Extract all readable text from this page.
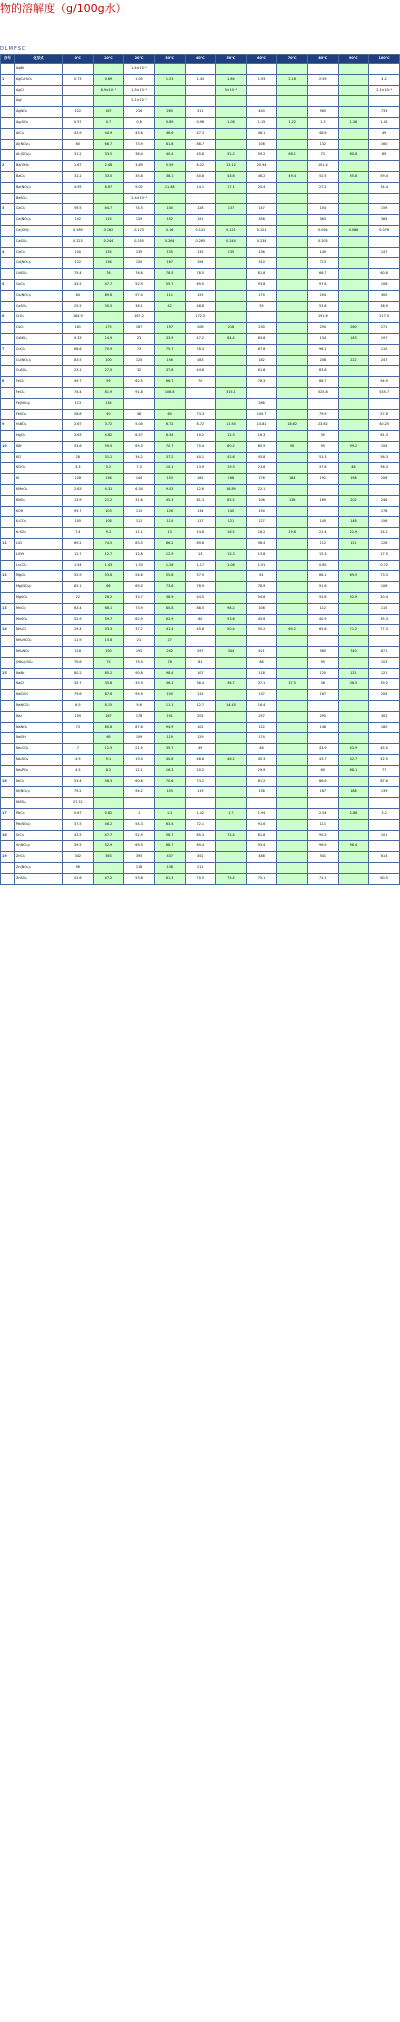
物的溶解度（g/100g水）
DLMFSC
序号	化学式	0℃	10℃	20℃	30℃	40℃	50℃	60℃	70℃	80℃	90℃	100℃
	AgBr			1.4×10⁻⁵								
1	AgC₂H₃O₂	0.73	0.89	1.05	1.23	1.43	1.64	1.93	2.18	2.59		4.2
	AgCl		8.9×10⁻⁵	1.5×10⁻⁴			5×10⁻⁴					2.1×10⁻³
	AgI			2.1×10⁻⁷								
	AgNO₃	122	167	216	265	311		440		585		733
	Ag₂SO₄	0.57	0.7	0.8	0.89	0.98	1.08	1.15	1.22	1.3	1.36	1.41
	AlCl₃	43.9	44.9	45.8	46.6	47.3		48.1		48.6		49
	Al(NO₃)₃	60	66.7	73.9	81.8	88.7		106		132		160
	Al₂(SO₄)₃	31.2	33.5	36.4	40.4	45.8	52.2	59.2	66.1	73	80.8	89
2	Ba(OH)₂	1.67	2.48	3.89	5.59	8.22	13.12	20.94		101.4		
	BaCl₂	31.2	33.5	35.8	38.1	40.8	43.6	46.2	49.4	52.5	55.8	59.4
	Ba(NO₃)₂	4.95	6.67	9.02	11.48	14.1	17.1	20.4		27.2		34.4
	BaSO₄			2.4×10⁻⁴								
3	CaCl₂	59.5	64.7	74.5	100	128	137	147		154		159
	Ca(NO₃)₂	102	115	129	152	191		358		363		364
	Ca(OH)₂	0.189	0.182	0.173	0.16	0.141	0.121	0.121		0.094	0.086	0.076
	CaSO₄	0.223	0.244	0.255	0.264	0.265	0.244	0.234		0.205		
4	CdCl₂	100	135	135	135	135	135	136		140		147
	Cd(NO₃)₂	122	136	150	167	194		310		713		
	CdSO₄	75.4	76	76.6	78.5	78.5		81.8		66.7		60.8
5	CoCl₂	43.5	47.7	52.9	59.7	69.5		93.8		97.6		106
	Co(NO₃)₂	84	89.6	97.4	111	125		174		204		300
	CoSO₄	25.5	30.5	36.1	42	48.8		55		53.8		38.9
6	CrO₃	164.9		167.2		172.5				191.6		217.5
	CsCl	161	175	187	197	208	218	230		250	260	271
	CsNO₃	9.33	14.9	23	33.9	47.2	64.4	83.8		134	163	197
7	CuCl₂	68.6	70.9	73	75.7	78.3		87.8		96.1		110
	Cu(NO₃)₂	83.5	100	125	156	163		182		208	222	247
	CuSO₄	23.1	27.5	32	37.8	44.6		61.8		83.8		
8	FeCl₂	49.7	59	62.5	66.7	70		78.3		88.7		94.9
	FeCl₃	74.4	81.9	91.8	106.8		315.1			525.8		535.7
	Fe(NO₃)₂	113	134					266				
	FeSO₄	28.8	40	48	60	73.3		100.7		79.9		57.8
9	H₃BO₃	2.67	3.72	5.04	6.72	8.72	11.54	14.81	18.62	23.62		40.25
	HgCl₂	3.63	4.82	6.57	8.34	10.2	12.3	16.3		30		61.3
10	KBr	53.6	59.5	65.3	70.7	75.4	80.2	85.5	90	95	99.2	104
	KCl	28	31.2	34.2	37.2	40.1	42.6	45.8		51.3		56.3
	KClO₃	3.3	5.2	7.3	10.1	13.9	19.3	23.8		37.6	46	56.3
	KI	128	136	144	153	162	168	176	184	192	198	206
	KMnO₄	2.83	4.31	6.34	9.03	12.6	16.89	22.1				
	KNO₃	13.9	21.2	31.6	45.3	61.3	85.5	106	138	169	202	246
	KOH	95.7	103	112	126	134	140	154				178
	K₂CO₃	105	108	111	114	117	121	127		140	148	156
	K₂SO₄	7.4	9.3	11.1	13	14.8	16.5	18.2	19.8	21.4	22.9	24.1
11	LiCl	69.2	74.5	83.5	86.2	89.8		98.4		112	121	128
	LiOH	12.7	12.7	12.8	12.9	13	13.3	13.8		15.3		17.5
	Li₂CO₃	1.54	1.43	1.33	1.26	1.17	1.08	1.01		0.85		0.72
12	MgCl₂	52.9	53.6	54.6	55.8	57.5		61		66.1	69.5	73.3
	Mg(NO₃)₂	62.1	66	69.5	73.6	78.9		78.9		91.6		106
	MgSO₄	22	28.2	33.7	38.9	44.5		54.6		55.8	52.9	50.4
13	MnCl₂	63.4	68.1	73.9	80.8	88.5	98.2	108		112		115
	MnSO₄	52.9	59.7	62.9	62.9	60	53.6	45.6		40.9		35.3
14	NH₄Cl	29.4	33.3	37.2	41.4	45.8	50.4	55.2	60.2	65.6	71.2	77.3
	NH₄HCO₃	11.9	15.8	21	27							
	NH₄NO₃	118	150	192	242	297	344	421		580	740	871
	(NH₄)₂SO₄	70.6	73	75.4	78	81		88		95		103
15	NaBr	80.2	85.2	90.8	98.4	107		118		120	121	121
	NaCl	35.7	35.8	35.9	36.1	36.4	36.7	37.1	37.5	38	38.5	39.2
	NaClO₃	79.6	87.6	95.9	105	115		137		167		204
	NaHCO₃	6.9	8.15	9.6	11.1	12.7	14.45	16.4				
	NaI	159	167	178	191	205		257		295		302
	NaNO₃	73	80.8	87.6	94.9	102		122		148		180
	NaOH		98	109	119	129		174				
	Na₂CO₃	7	12.5	21.5	39.7	49		46		43.9	43.9	45.5
	Na₂SO₄	4.9	9.1	19.5	40.8	48.8	46.2	45.3		43.7	42.7	42.5
	Na₃PO₄	4.5	8.2	12.1	16.3	20.2		29.9		60	68.1	77
16	NiCl₂	53.4	56.3	60.8	70.6	73.2		81.2		86.6		87.6
	Ni(NO₃)₂	79.2		94.2	105	119		158		187	188	139
	NiSO₄	27.22										
17	PbCl₂	0.67	0.82	1	1.2	1.42	1.7	1.94		2.54	2.88	3.2
	Pb(NO₃)₂	37.5	46.2	54.3	63.4	72.1		91.6		111		
18	SrCl₂	43.5	47.7	52.9	58.7	65.3	72.4	81.8		90.5		101
	Sr(NO₃)₂	39.5	52.9	69.5	88.7	89.4		93.4		96.9	98.4	
19	ZnCl₂	342	363	395	437	452		488		541		614
	Zn(NO₃)₂	98		118	138	211						
	ZnSO₄	41.6	47.2	53.8	61.3	70.5	75.4	75.1		71.1		60.5
